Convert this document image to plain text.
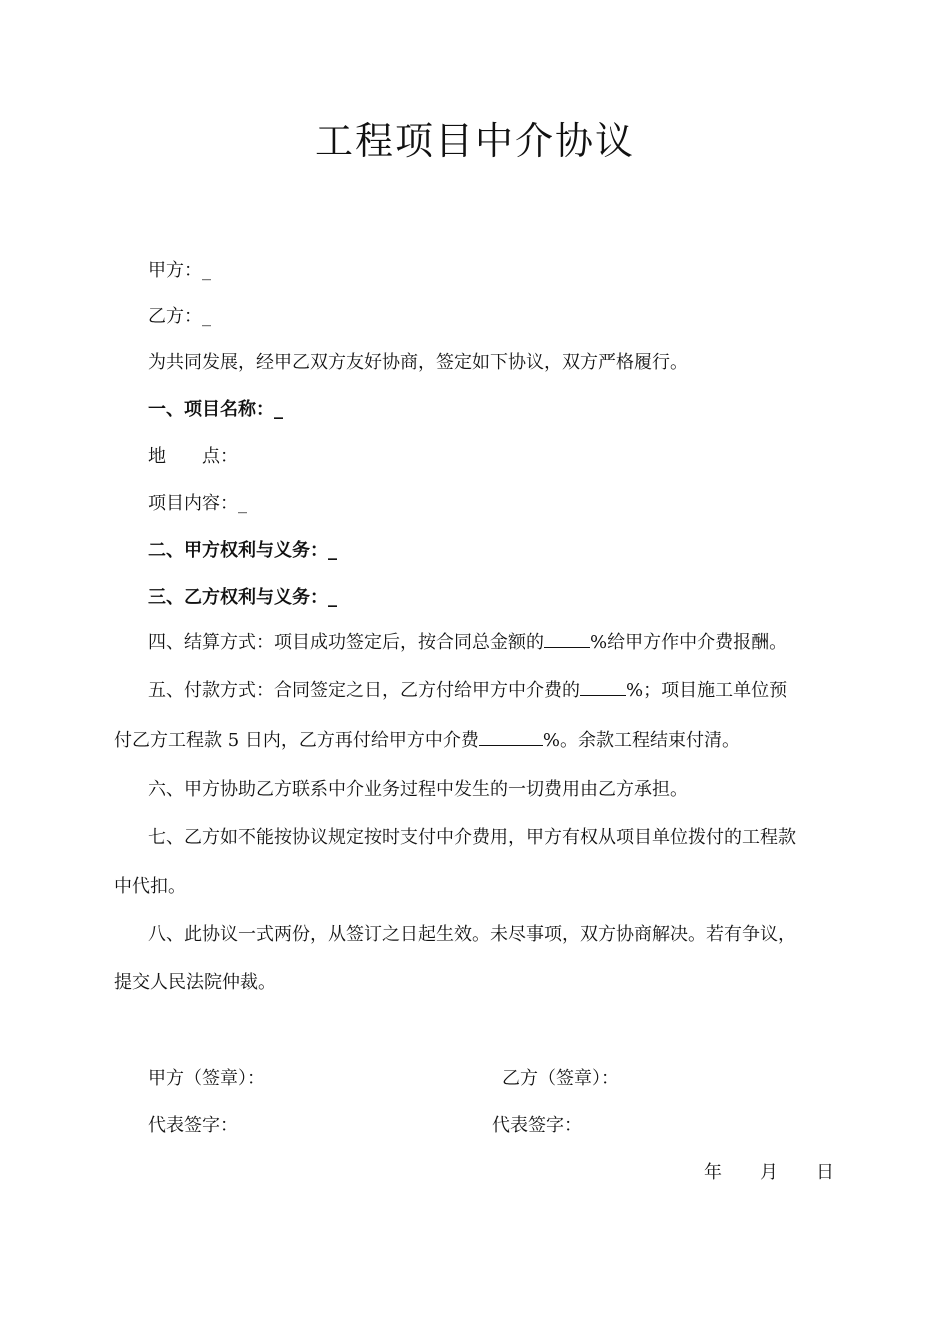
工程项目中介协议
甲方：_
乙方：_
为共同发展，经甲乙双方友好协商，签定如下协议，双方严格履行。
一、项目名称：_
地　　点：
项目内容：_
二、甲方权利与义务：_
三、乙方权利与义务：_
四、结算方式：项目成功签定后，按合同总金额的	%给甲方作中介费报酬。
五、付款方式：合同签定之日，乙方付给甲方中介费的	%；项目施工单位预
付乙方工程款 5 日内，乙方再付给甲方中介费	%。余款工程结束付清。
六、甲方协助乙方联系中介业务过程中发生的一切费用由乙方承担。
七、乙方如不能按协议规定按时支付中介费用，甲方有权从项目单位拨付的工程款
中代扣。
八、此协议一式两份，从签订之日起生效。未尽事项，双方协商解决。若有争议，
提交人民法院仲裁。
甲方（签章）：	乙方（签章）：
代表签字：	代表签字：
年 月 日
